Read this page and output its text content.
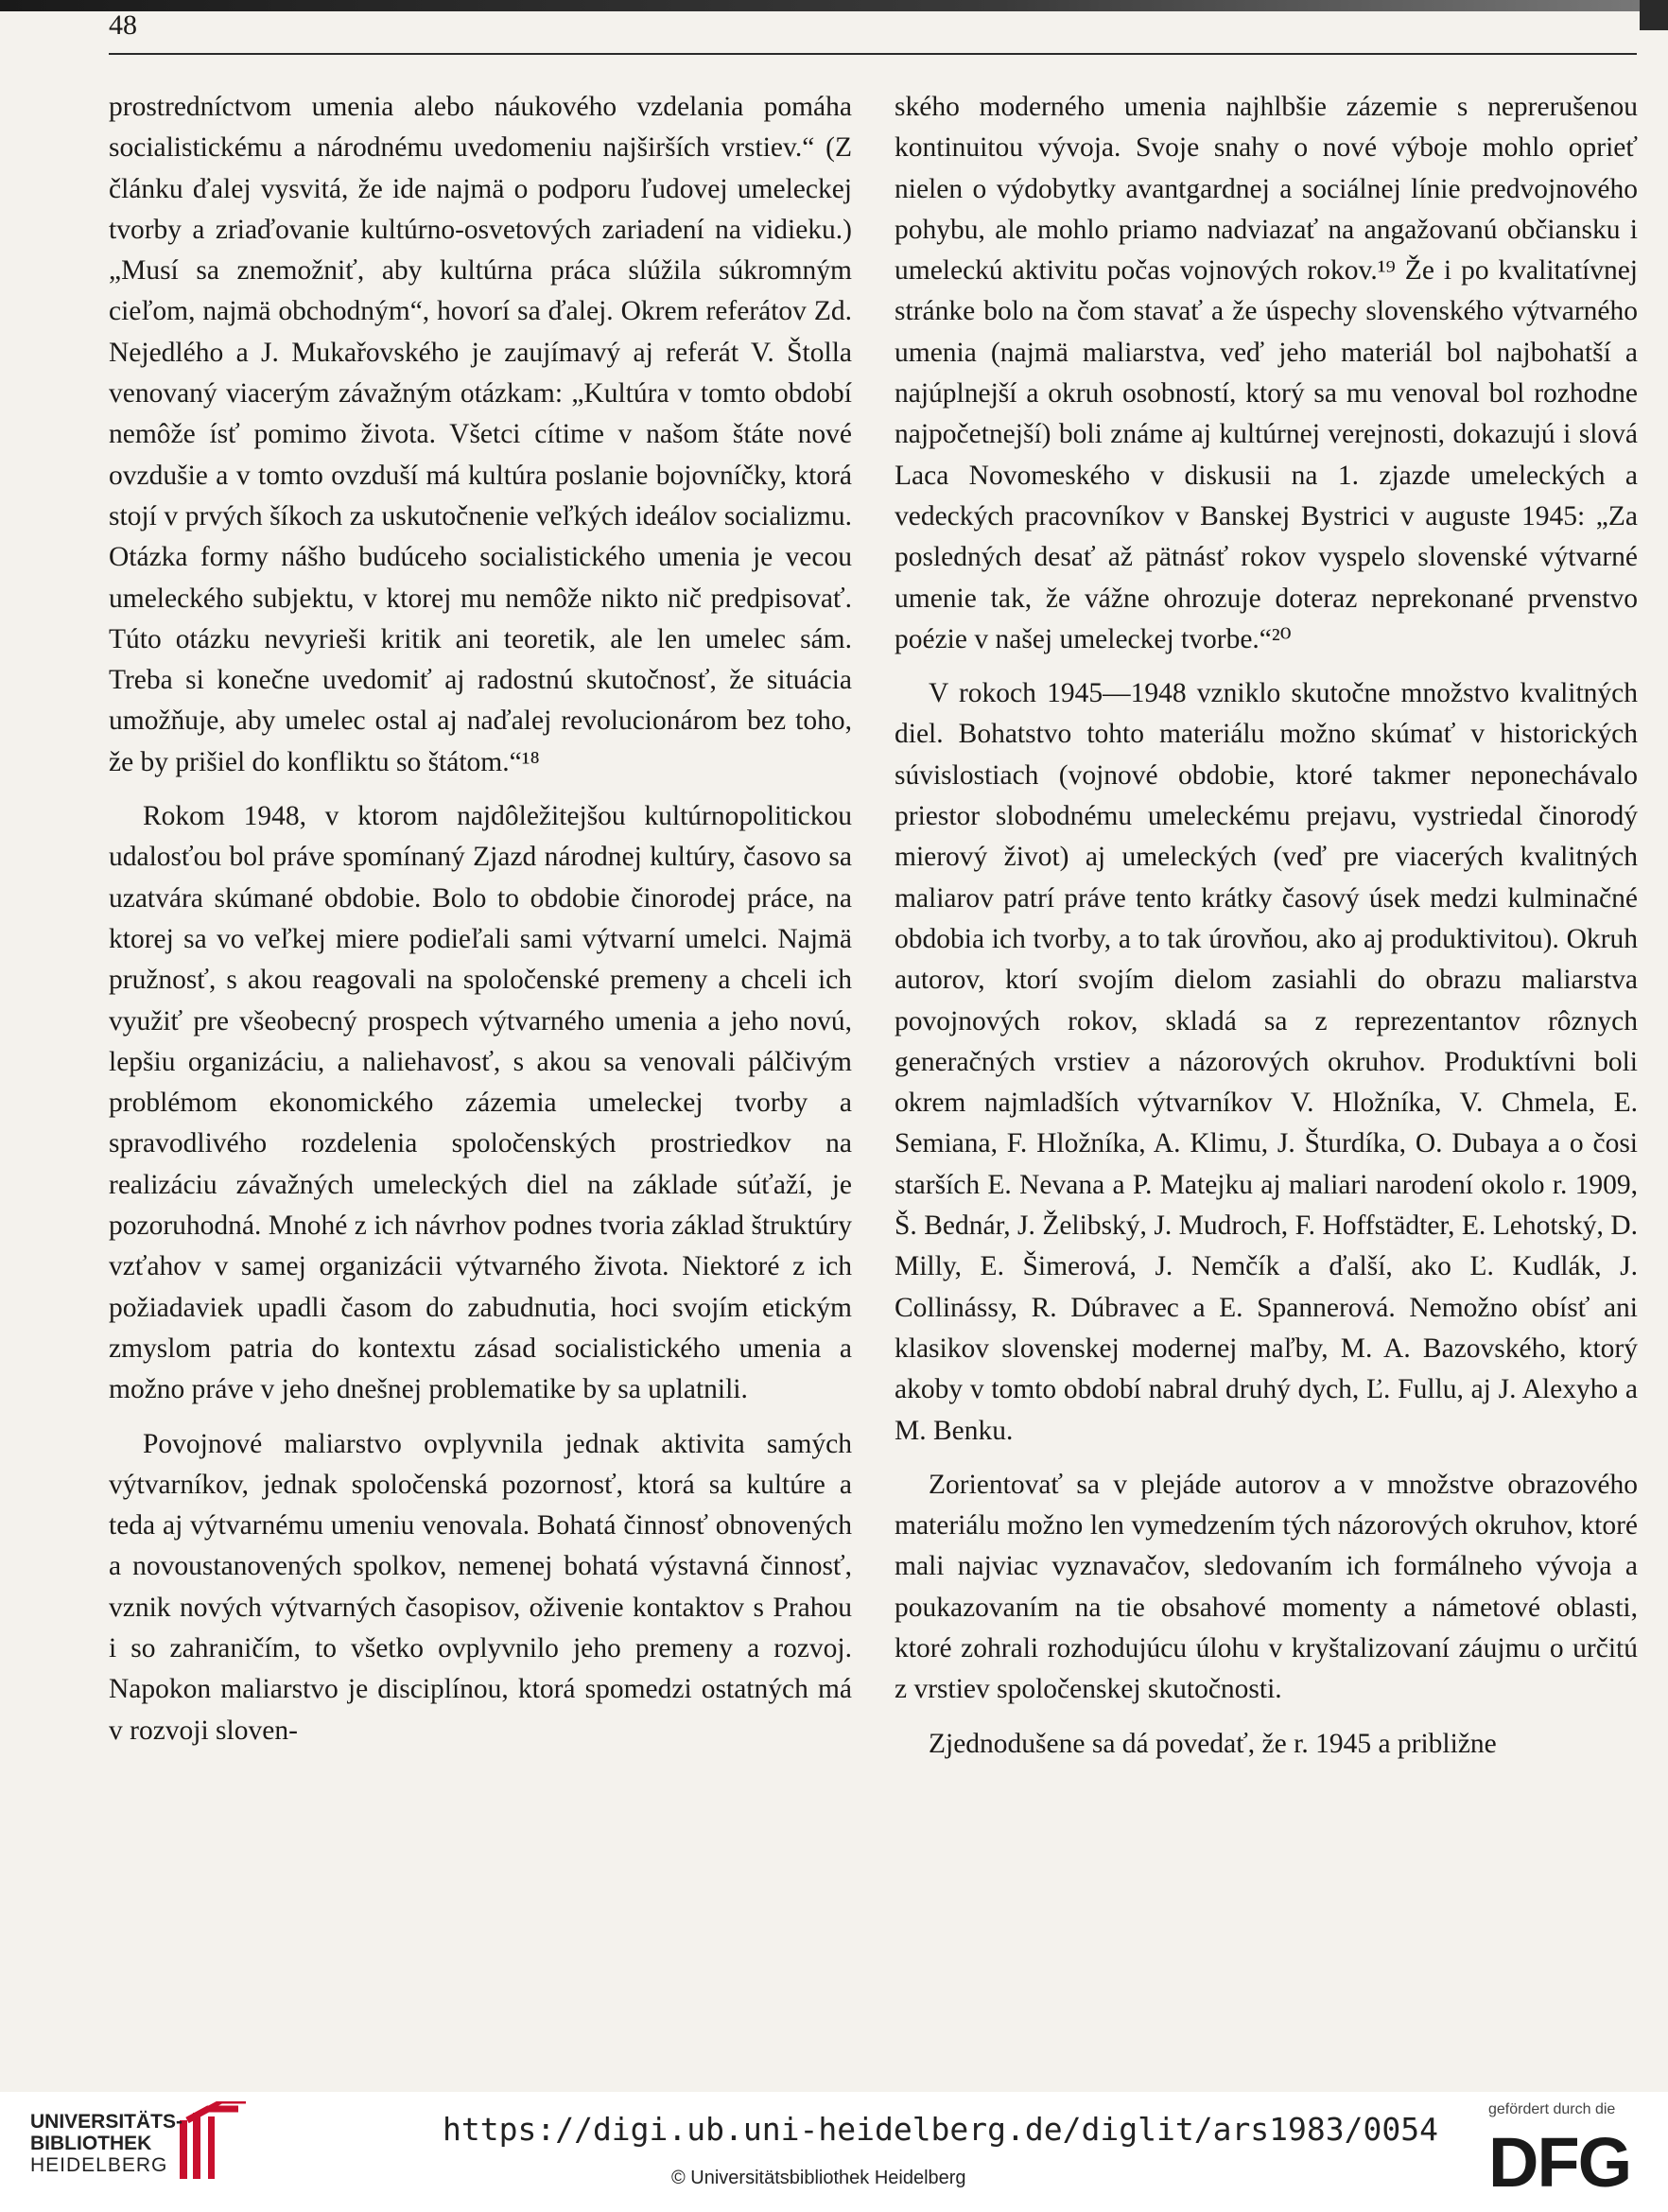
48

prostredníctvom umenia alebo náukového vzdelania pomáha socialistickému a národnému uvedomeniu najširších vrstiev.“ (Z článku ďalej vysvitá, že ide najmä o podporu ľudovej umeleckej tvorby a zriaďovanie kultúrno-osvetových zariadení na vidieku.) „Musí sa znemožniť, aby kultúrna práca slúžila súkromným cieľom, najmä obchodným“, hovorí sa ďalej. Okrem referátov Zd. Nejedlého a J. Mukařovského je zaujímavý aj referát V. Štolla venovaný viacerým závažným otázkam: „Kultúra v tomto období nemôže ísť pomimo života. Všetci cítime v našom štáte nové ovzdušie a v tomto ovzduší má kultúra poslanie bojovníčky, ktorá stojí v prvých šíkoch za uskutočnenie veľkých ideálov socializmu. Otázka formy nášho budúceho socialistického umenia je vecou umeleckého subjektu, v ktorej mu nemôže nikto nič predpisovať. Túto otázku nevyrieši kritik ani teoretik, ale len umelec sám. Treba si konečne uvedomiť aj radostnú skutočnosť, že situácia umožňuje, aby umelec ostal aj naďalej revolucionárom bez toho, že by prišiel do konfliktu so štátom.“¹⁸

Rokom 1948, v ktorom najdôležitejšou kultúrnopolitickou udalosťou bol práve spomínaný Zjazd národnej kultúry, časovo sa uzatvára skúmané obdobie. Bolo to obdobie činorodej práce, na ktorej sa vo veľkej miere podieľali sami výtvarní umelci. Najmä pružnosť, s akou reagovali na spoločenské premeny a chceli ich využiť pre všeobecný prospech výtvarného umenia a jeho novú, lepšiu organizáciu, a naliehavosť, s akou sa venovali pálčivým problémom ekonomického zázemia umeleckej tvorby a spravodlivého rozdelenia spoločenských prostriedkov na realizáciu závažných umeleckých diel na základe súťaží, je pozoruhodná. Mnohé z ich návrhov podnes tvoria základ štruktúry vzťahov v samej organizácii výtvarného života. Niektoré z ich požiadaviek upadli časom do zabudnutia, hoci svojím etickým zmyslom patria do kontextu zásad socialistického umenia a možno práve v jeho dnešnej problematike by sa uplatnili.

Povojnové maliarstvo ovplyvnila jednak aktivita samých výtvarníkov, jednak spoločenská pozornosť, ktorá sa kultúre a teda aj výtvarnému umeniu venovala. Bohatá činnosť obnovených a novoustanovených spolkov, nemenej bohatá výstavná činnosť, vznik nových výtvarných časopisov, oživenie kontaktov s Prahou i so zahraničím, to všetko ovplyvnilo jeho premeny a rozvoj. Napokon maliarstvo je disciplínou, ktorá spomedzi ostatných má v rozvoji sloven-

ského moderného umenia najhlbšie zázemie s neprerušenou kontinuitou vývoja. Svoje snahy o nové výboje mohlo oprieť nielen o výdobytky avantgardnej a sociálnej línie predvojnového pohybu, ale mohlo priamo nadviazať na angažovanú občiansku i umeleckú aktivitu počas vojnových rokov.¹⁹ Že i po kvalitatívnej stránke bolo na čom stavať a že úspechy slovenského výtvarného umenia (najmä maliarstva, veď jeho materiál bol najbohatší a najúplnejší a okruh osobností, ktorý sa mu venoval bol rozhodne najpočetnejší) boli známe aj kultúrnej verejnosti, dokazujú i slová Laca Novomeského v diskusii na 1. zjazde umeleckých a vedeckých pracovníkov v Banskej Bystrici v auguste 1945: „Za posledných desať až pätnásť rokov vyspelo slovenské výtvarné umenie tak, že vážne ohrozuje doteraz neprekonané prvenstvo poézie v našej umeleckej tvorbe.“²⁰

V rokoch 1945—1948 vzniklo skutočne množstvo kvalitných diel. Bohatstvo tohto materiálu možno skúmať v historických súvislostiach (vojnové obdobie, ktoré takmer neponechávalo priestor slobodnému umeleckému prejavu, vystriedal činorodý mierový život) aj umeleckých (veď pre viacerých kvalitných maliarov patrí práve tento krátky časový úsek medzi kulminačné obdobia ich tvorby, a to tak úrovňou, ako aj produktivitou). Okruh autorov, ktorí svojím dielom zasiahli do obrazu maliarstva povojnových rokov, skladá sa z reprezentantov rôznych generačných vrstiev a názorových okruhov. Produktívni boli okrem najmladších výtvarníkov V. Hložníka, V. Chmela, E. Semiana, F. Hložníka, A. Klimu, J. Šturdíka, O. Dubaya a o čosi starších E. Nevana a P. Matejku aj maliari narodení okolo r. 1909, Š. Bednár, J. Želibský, J. Mudroch, F. Hoffstädter, E. Lehotský, D. Milly, E. Šimerová, J. Nemčík a ďalší, ako Ľ. Kudlák, J. Collinássy, R. Dúbravec a E. Spannerová. Nemožno obísť ani klasikov slovenskej modernej maľby, M. A. Bazovského, ktorý akoby v tomto období nabral druhý dych, Ľ. Fullu, aj J. Alexyho a M. Benku.

Zorientovať sa v plejáde autorov a v množstve obrazového materiálu možno len vymedzením tých názorových okruhov, ktoré mali najviac vyznavačov, sledovaním ich formálneho vývoja a poukazovaním na tie obsahové momenty a námetové oblasti, ktoré zohrali rozhodujúcu úlohu v kryštalizovaní záujmu o určitú z vrstiev spoločenskej skutočnosti.

Zjednodušene sa dá povedať, že r. 1945 a približne

UNIVERSITÄTS-
BIBLIOTHEK
HEIDELBERG
https://digi.ub.uni-heidelberg.de/diglit/ars1983/0054
© Universitätsbibliothek Heidelberg
gefördert durch die
DFG
